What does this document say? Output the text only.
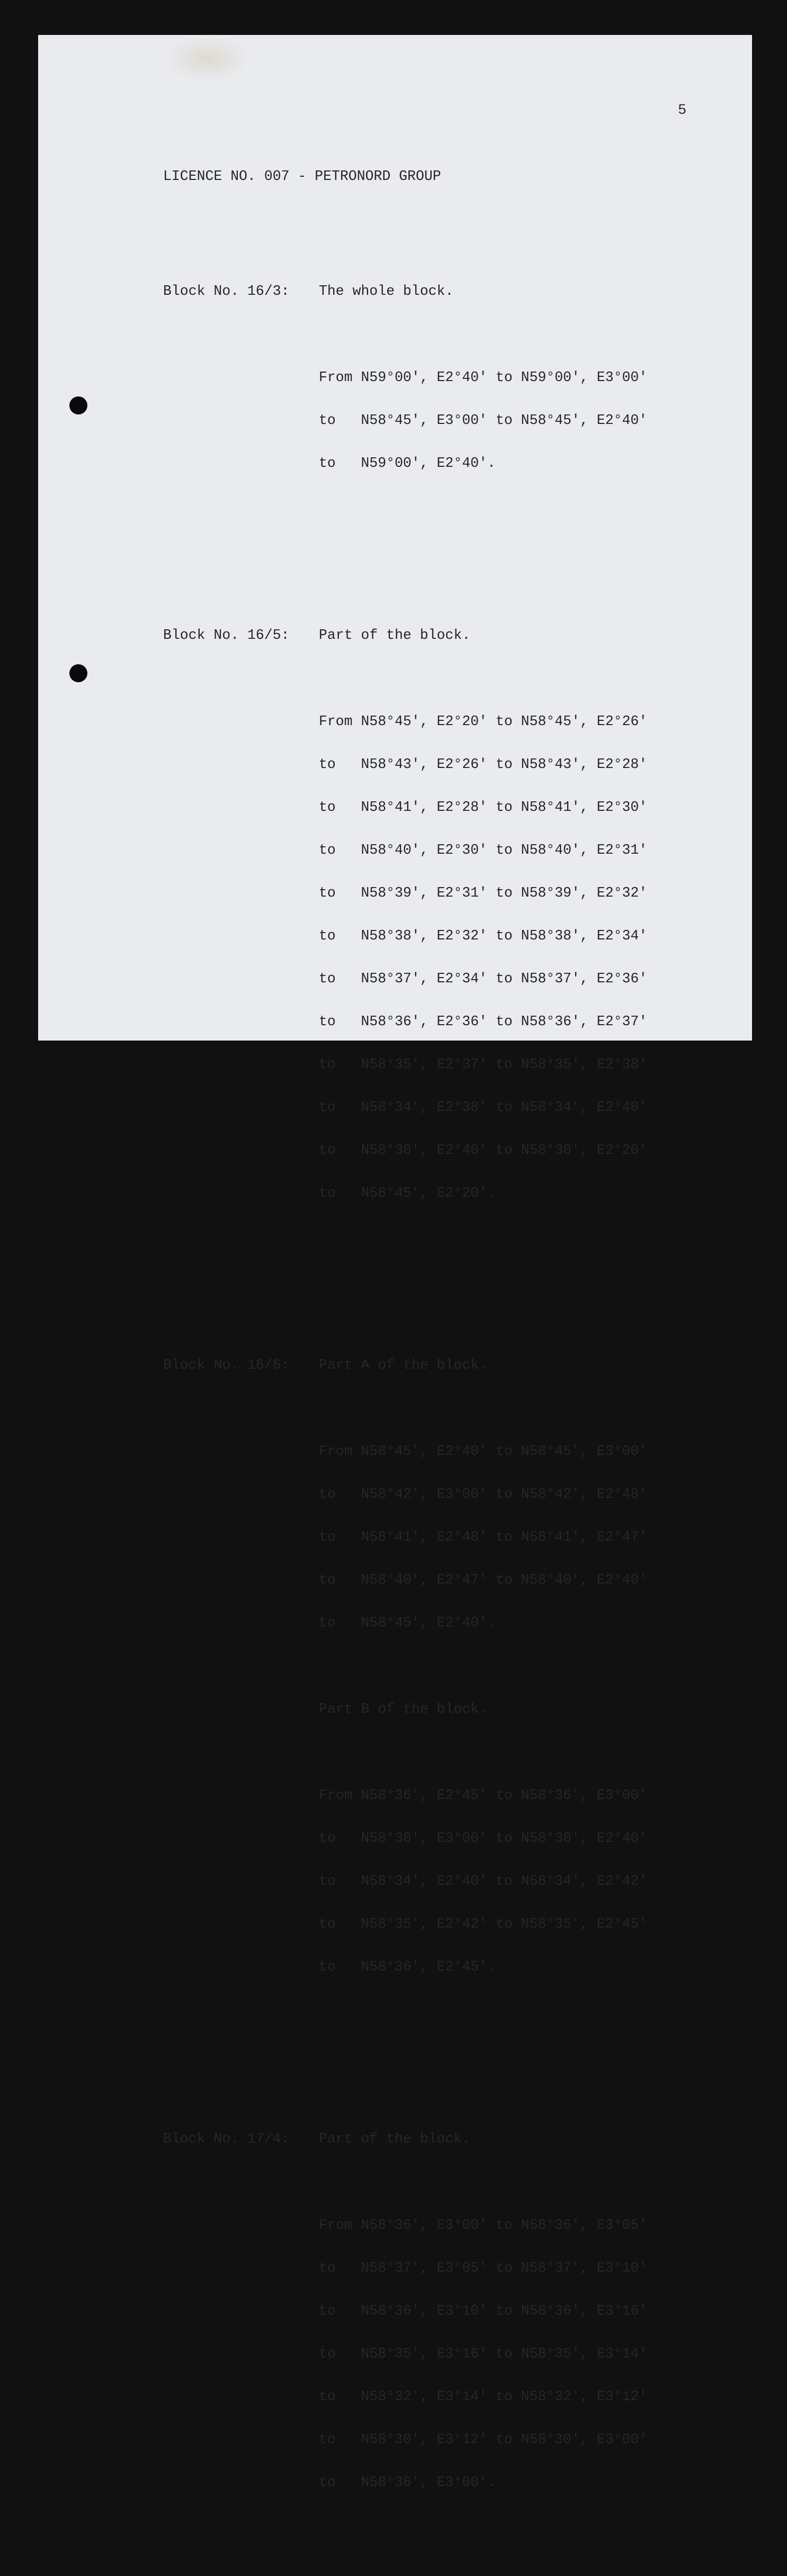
5

LICENCE NO. 007 - PETRONORD GROUP

Block No. 16/3: The whole block.

From N59°00', E2°40' to N59°00', E3°00'

to   N58°45', E3°00' to N58°45', E2°40'

to   N59°00', E2°40'.

Block No. 16/5: Part of the block.

From N58°45', E2°20' to N58°45', E2°26'

to   N58°43', E2°26' to N58°43', E2°28'

to   N58°41', E2°28' to N58°41', E2°30'

to   N58°40', E2°30' to N58°40', E2°31'

to   N58°39', E2°31' to N58°39', E2°32'

to   N58°38', E2°32' to N58°38', E2°34'

to   N58°37', E2°34' to N58°37', E2°36'

to   N58°36', E2°36' to N58°36', E2°37'

to   N58°35', E2°37' to N58°35', E2°38'

to   N58°34', E2°38' to N58°34', E2°40'

to   N58°30', E2°40' to N58°30', E2°20'

to   N58°45', E2°20'.

Block No. 16/6: Part A of the block.

From N58°45', E2°40' to N58°45', E3°00'

to   N58°42', E3°00' to N58°42', E2°48'

to   N58°41', E2°48' to N58°41', E2°47'

to   N58°40', E2°47' to N58°40', E2°40'

to   N58°45', E2°40'.

Part B of the block.

From N58°36', E2°45' to N58°36', E3°00'

to   N58°30', E3°00' to N58°30', E2°40'

to   N58°34', E2°40' to N58°34', E2°42'

to   N58°35', E2°42' to N58°35', E2°45'

to   N58°36', E2°45'.

Block No. 17/4: Part of the block.

From N58°36', E3°00' to N58°36', E3°05'

to   N58°37', E3°05' to N58°37', E3°10'

to   N58°36', E3°10' to N58°36', E3°16'

to   N58°35', E3°16' to N58°35', E3°14'

to   N58°32', E3°14' to N58°32', E3°12'

to   N58°30', E3°12' to N58°30', E3°00'

to   N58°36', E3°00'.
